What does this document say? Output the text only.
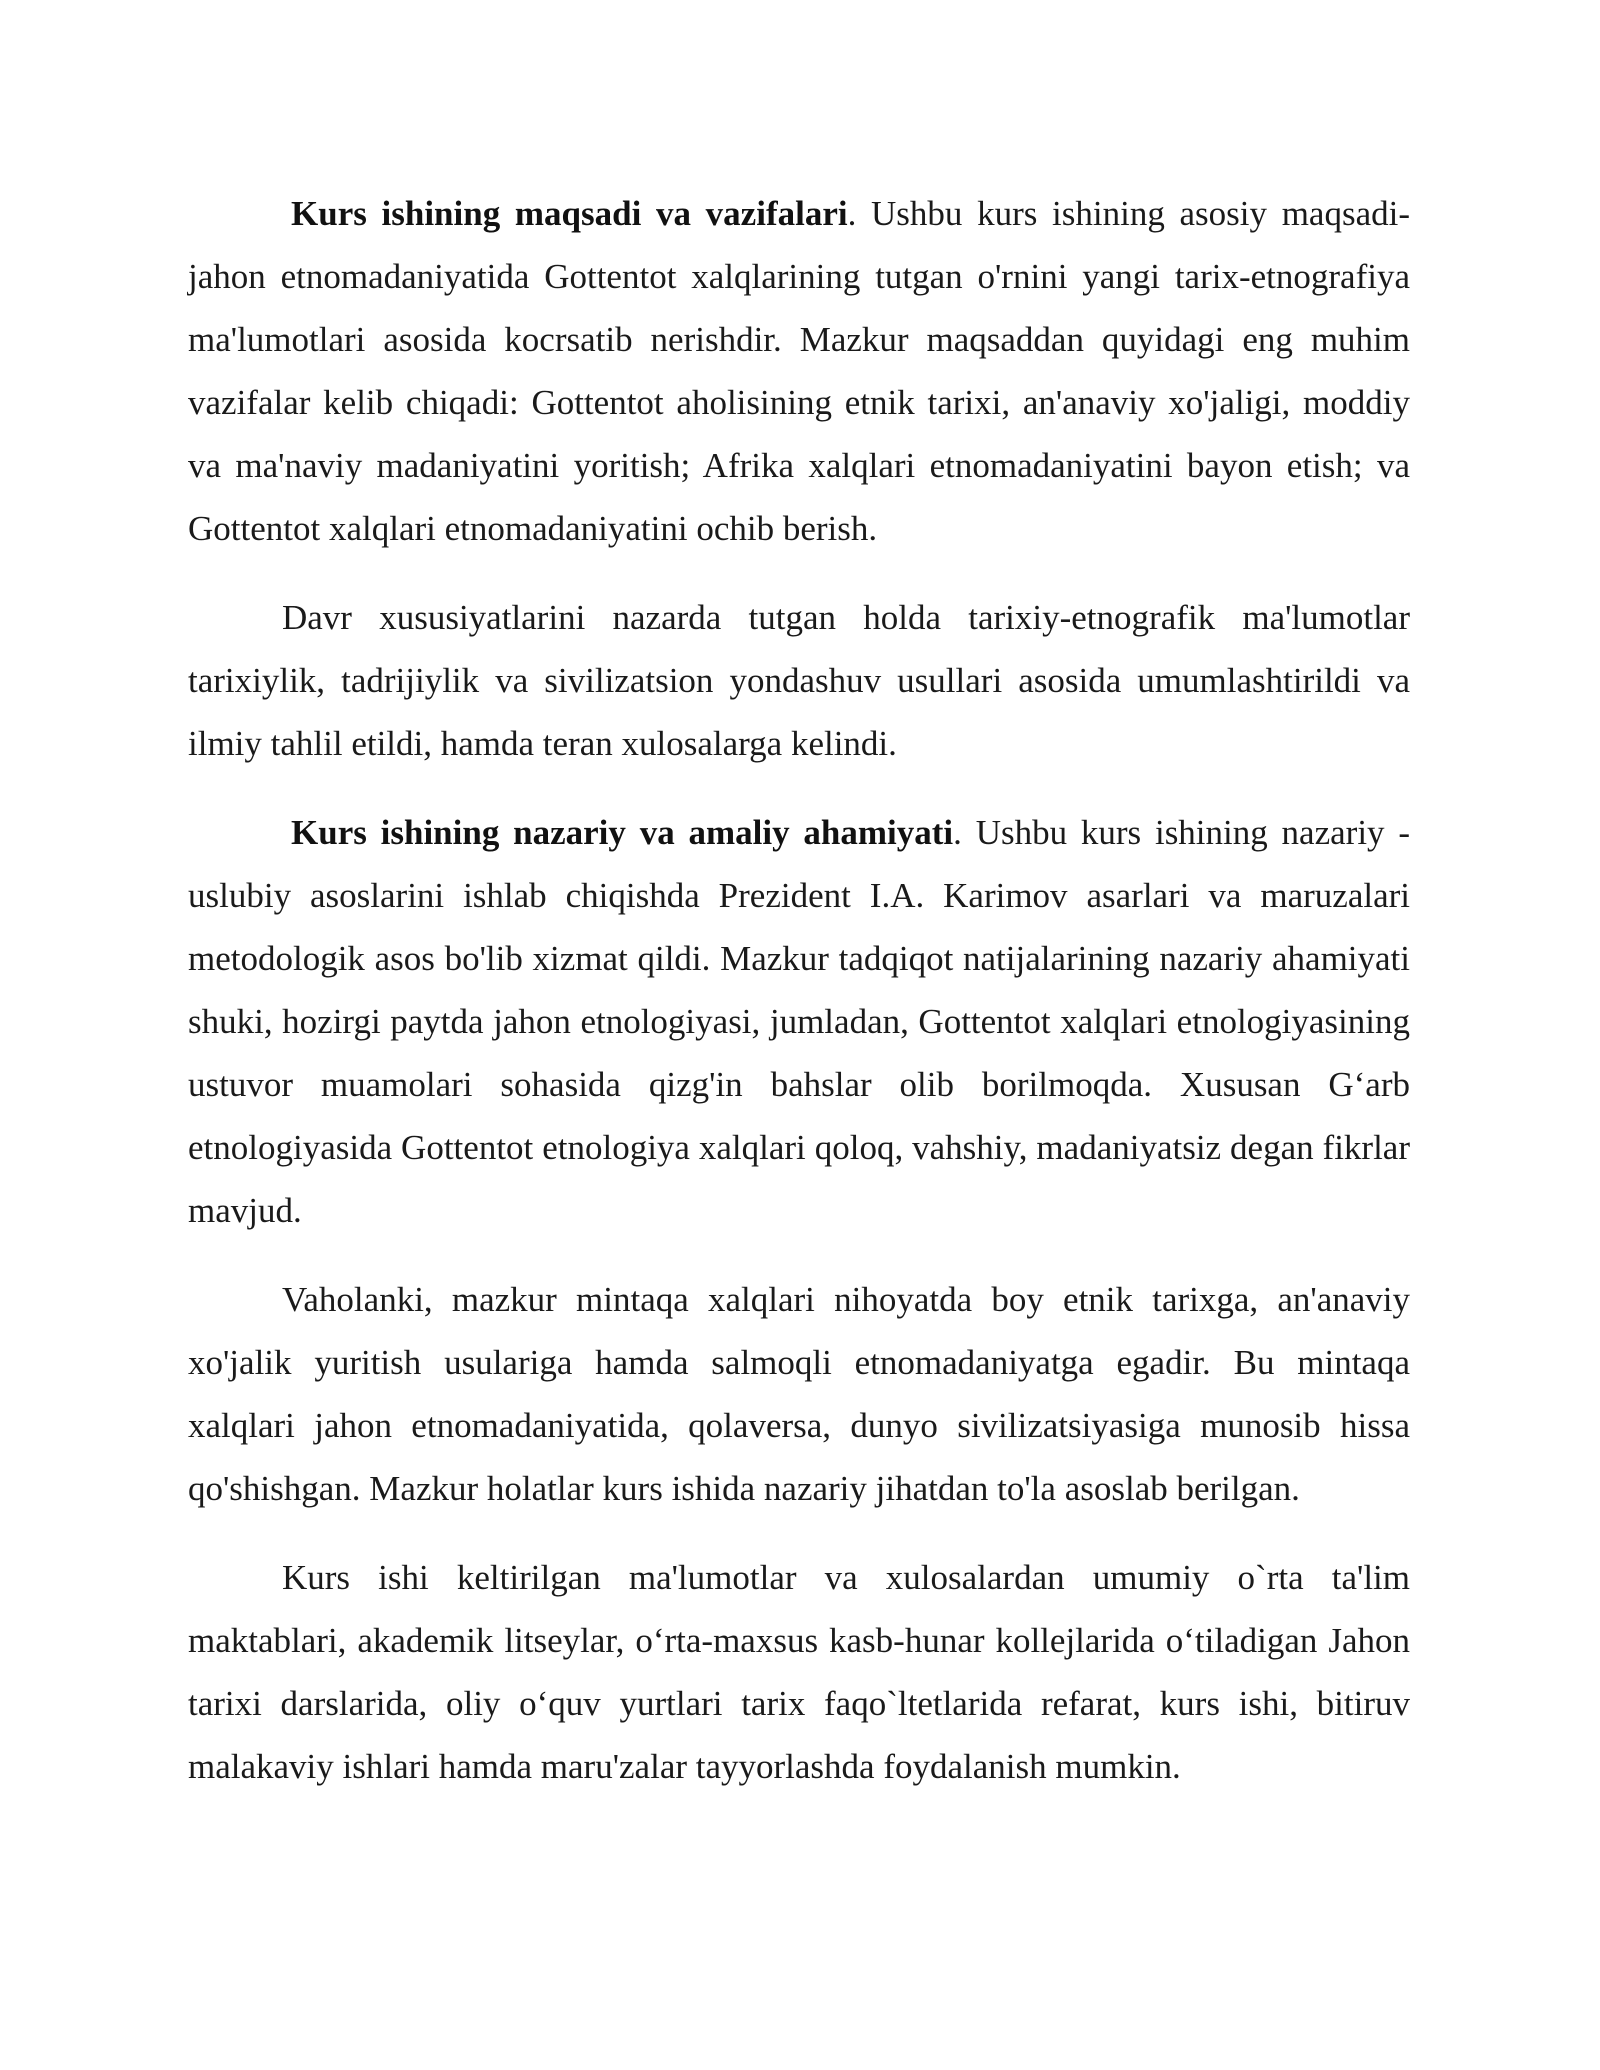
Kurs ishining maqsadi va vazifalari. Ushbu kurs ishining asosiy maqsadi- jahon etnomadaniyatida Gottentot xalqlarining tutgan o'rnini yangi tarix-etnografiya ma'lumotlari asosida kocrsatib nerishdir. Mazkur maqsaddan quyidagi eng muhim vazifalar kelib chiqadi: Gottentot aholisining etnik tarixi, an'anaviy xo'jaligi, moddiy va ma'naviy madaniyatini yoritish; Afrika xalqlari etnomadaniyatini bayon etish; va Gottentot xalqlari etnomadaniyatini ochib berish.

Davr xususiyatlarini nazarda tutgan holda tarixiy-etnografik ma'lumotlar tarixiylik, tadrijiylik va sivilizatsion yondashuv usullari asosida umumlashtirildi va ilmiy tahlil etildi, hamda teran xulosalarga kelindi.

Kurs ishining nazariy va amaliy ahamiyati. Ushbu kurs ishining nazariy - uslubiy asoslarini ishlab chiqishda Prezident I.A. Karimov asarlari va maruzalari metodologik asos bo'lib xizmat qildi. Mazkur tadqiqot natijalarining nazariy ahamiyati shuki, hozirgi paytda jahon etnologiyasi, jumladan, Gottentot xalqlari etnologiyasining ustuvor muamolari sohasida qizg'in bahslar olib borilmoqda. Xususan G‘arb etnologiyasida Gottentot etnologiya xalqlari qoloq, vahshiy, madaniyatsiz degan fikrlar mavjud.

Vaholanki, mazkur mintaqa xalqlari nihoyatda boy etnik tarixga, an'anaviy xo'jalik yuritish usulariga hamda salmoqli etnomadaniyatga egadir. Bu mintaqa xalqlari jahon etnomadaniyatida, qolaversa, dunyo sivilizatsiyasiga munosib hissa qo'shishgan. Mazkur holatlar kurs ishida nazariy jihatdan to'la asoslab berilgan.

Kurs ishi keltirilgan ma'lumotlar va xulosalardan umumiy o`rta ta'lim maktablari, akademik litseylar, o‘rta-maxsus kasb-hunar kollejlarida o‘tiladigan Jahon tarixi darslarida, oliy o‘quv yurtlari tarix faqo`ltetlarida refarat, kurs ishi, bitiruv malakaviy ishlari hamda maru'zalar tayyorlashda foydalanish mumkin.
